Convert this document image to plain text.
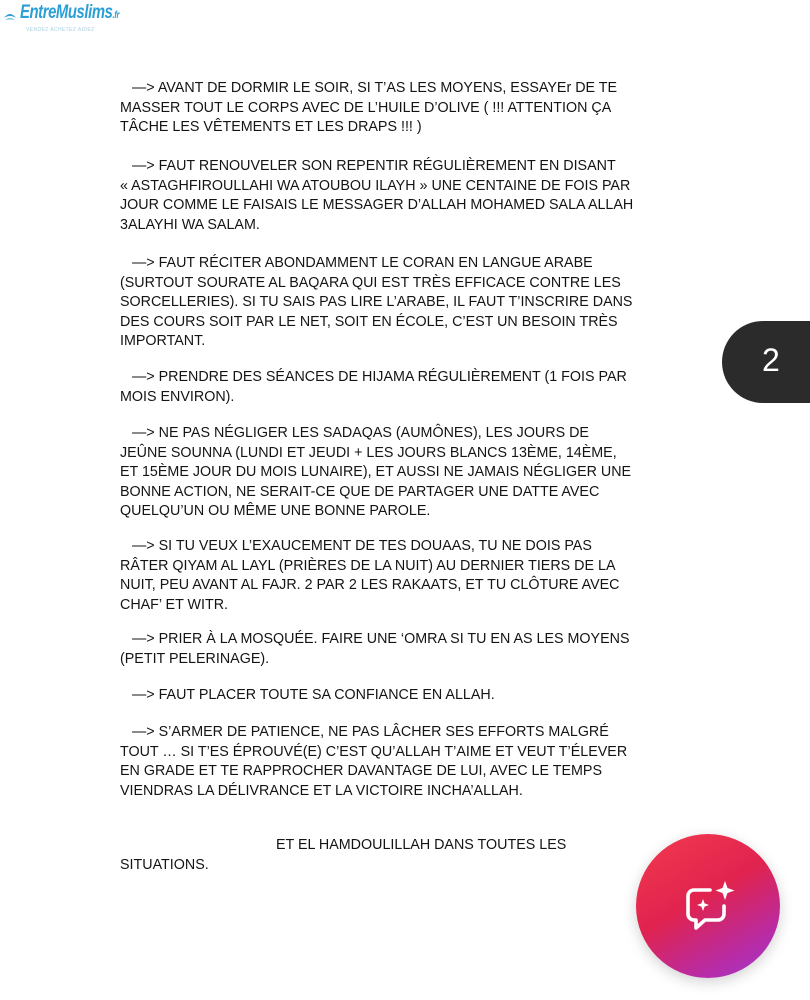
EntreMuslims.fr
VENDEZ ACHETEZ AIDEZ
—> AVANT DE DORMIR LE SOIR, SI T’AS LES MOYENS, ESSAYEr DE TE
MASSER TOUT LE CORPS AVEC DE L’HUILE D’OLIVE ( !!! ATTENTION ÇA
TÂCHE LES VÊTEMENTS ET LES DRAPS !!! )
—> FAUT RENOUVELER SON REPENTIR RÉGULIÈREMENT EN DISANT
« ASTAGHFIROULLAHI WA ATOUBOU ILAYH » UNE CENTAINE DE FOIS PAR
JOUR COMME LE FAISAIS LE MESSAGER D’ALLAH MOHAMED SALA ALLAH
3ALAYHI WA SALAM.
—> FAUT RÉCITER ABONDAMMENT LE CORAN EN LANGUE ARABE
(SURTOUT SOURATE AL BAQARA QUI EST TRÈS EFFICACE CONTRE LES
SORCELLERIES). SI TU SAIS PAS LIRE L’ARABE, IL FAUT T’INSCRIRE DANS
DES COURS SOIT PAR LE NET, SOIT EN ÉCOLE, C’EST UN BESOIN TRÈS
IMPORTANT.
—> PRENDRE DES SÉANCES DE HIJAMA RÉGULIÈREMENT (1 FOIS PAR
MOIS ENVIRON).
—> NE PAS NÉGLIGER LES SADAQAS (AUMÔNES), LES JOURS DE
JEÛNE SOUNNA (LUNDI ET JEUDI + LES JOURS BLANCS 13ÈME, 14ÈME,
ET 15ÈME JOUR DU MOIS LUNAIRE), ET AUSSI NE JAMAIS NÉGLIGER UNE
BONNE ACTION, NE SERAIT-CE QUE DE PARTAGER UNE DATTE AVEC
QUELQU’UN OU MÊME UNE BONNE PAROLE.
—> SI TU VEUX L’EXAUCEMENT DE TES DOUAAS, TU NE DOIS PAS
RÂTER QIYAM AL LAYL (PRIÈRES DE LA NUIT) AU DERNIER TIERS DE LA
NUIT, PEU AVANT AL FAJR. 2 PAR 2 LES RAKAATS, ET TU CLÔTURE AVEC
CHAF’ ET WITR.
—> PRIER À LA MOSQUÉE. FAIRE UNE ‘OMRA SI TU EN AS LES MOYENS
(PETIT PELERINAGE).
—> FAUT PLACER TOUTE SA CONFIANCE EN ALLAH.
—> S’ARMER DE PATIENCE, NE PAS LÂCHER SES EFFORTS MALGRÉ
TOUT … SI T’ES ÉPROUVÉ(E) C’EST QU’ALLAH T’AIME ET VEUT T’ÉLEVER
EN GRADE ET TE RAPPROCHER DAVANTAGE DE LUI, AVEC LE TEMPS
VIENDRAS LA DÉLIVRANCE ET LA VICTOIRE INCHA’ALLAH.
ET EL HAMDOULILLAH DANS TOUTES LES
SITUATIONS.
2
